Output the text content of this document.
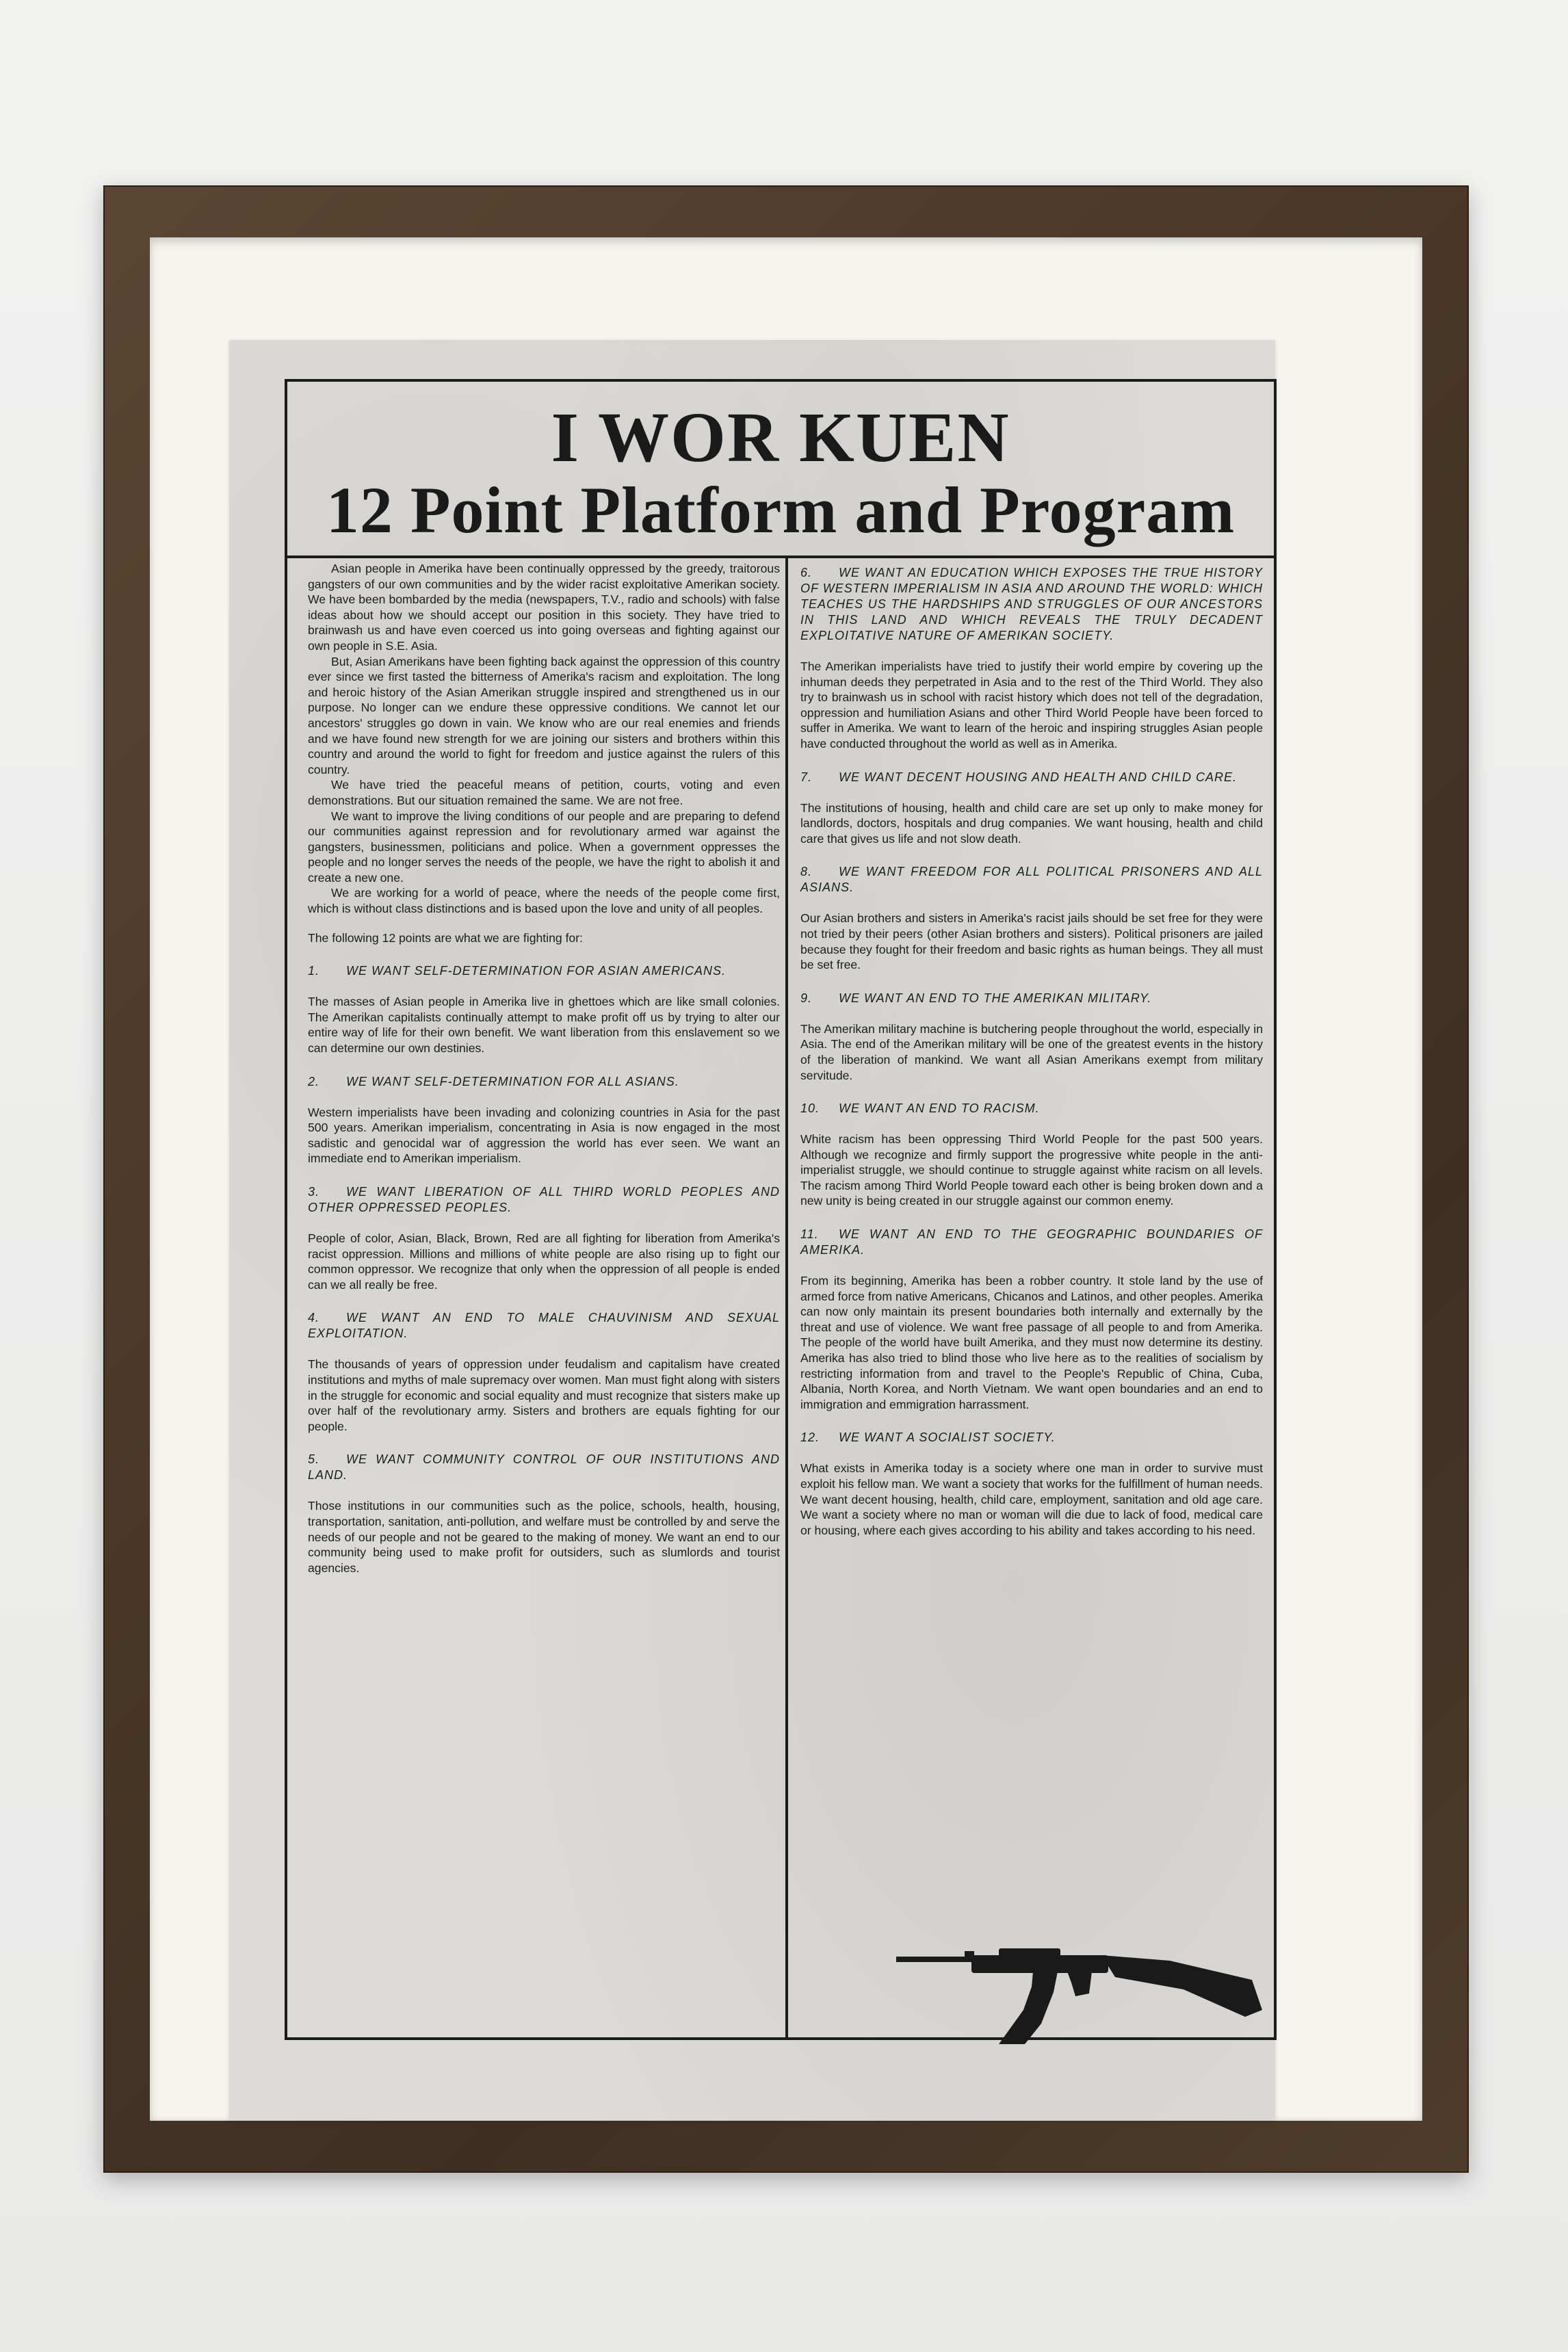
I WOR KUEN
12 Point Platform and Program

Asian people in Amerika have been continually oppressed by the greedy, traitorous gangsters of our own communities and by the wider racist exploitative Amerikan society. We have been bombarded by the media (newspapers, T.V., radio and schools) with false ideas about how we should accept our position in this society. They have tried to brainwash us and have even coerced us into going overseas and fighting against our own people in S.E. Asia.

But, Asian Amerikans have been fighting back against the oppression of this country ever since we first tasted the bitterness of Amerika's racism and exploitation. The long and heroic history of the Asian Amerikan struggle inspired and strengthened us in our purpose. No longer can we endure these oppressive conditions. We cannot let our ancestors' struggles go down in vain. We know who are our real enemies and friends and we have found new strength for we are joining our sisters and brothers within this country and around the world to fight for freedom and justice against the rulers of this country.

We have tried the peaceful means of petition, courts, voting and even demonstrations. But our situation remained the same. We are not free.

We want to improve the living conditions of our people and are preparing to defend our communities against repression and for revolutionary armed war against the gangsters, businessmen, politicians and police. When a government oppresses the people and no longer serves the needs of the people, we have the right to abolish it and create a new one.

We are working for a world of peace, where the needs of the people come first, which is without class distinctions and is based upon the love and unity of all peoples.

The following 12 points are what we are fighting for:

1. WE WANT SELF-DETERMINATION FOR ASIAN AMERICANS.

The masses of Asian people in Amerika live in ghettoes which are like small colonies. The Amerikan capitalists continually attempt to make profit off us by trying to alter our entire way of life for their own benefit. We want liberation from this enslavement so we can determine our own destinies.

2. WE WANT SELF-DETERMINATION FOR ALL ASIANS.

Western imperialists have been invading and colonizing countries in Asia for the past 500 years. Amerikan imperialism, concentrating in Asia is now engaged in the most sadistic and genocidal war of aggression the world has ever seen. We want an immediate end to Amerikan imperialism.

3. WE WANT LIBERATION OF ALL THIRD WORLD PEOPLES AND OTHER OPPRESSED PEOPLES.

People of color, Asian, Black, Brown, Red are all fighting for liberation from Amerika's racist oppression. Millions and millions of white people are also rising up to fight our common oppressor. We recognize that only when the oppression of all people is ended can we all really be free.

4. WE WANT AN END TO MALE CHAUVINISM AND SEXUAL EXPLOITATION.

The thousands of years of oppression under feudalism and capitalism have created institutions and myths of male supremacy over women. Man must fight along with sisters in the struggle for economic and social equality and must recognize that sisters make up over half of the revolutionary army. Sisters and brothers are equals fighting for our people.

5. WE WANT COMMUNITY CONTROL OF OUR INSTITUTIONS AND LAND.

Those institutions in our communities such as the police, schools, health, housing, transportation, sanitation, anti-pollution, and welfare must be controlled by and serve the needs of our people and not be geared to the making of money. We want an end to our community being used to make profit for outsiders, such as slumlords and tourist agencies.

6. WE WANT AN EDUCATION WHICH EXPOSES THE TRUE HISTORY OF WESTERN IMPERIALISM IN ASIA AND AROUND THE WORLD: WHICH TEACHES US THE HARDSHIPS AND STRUGGLES OF OUR ANCESTORS IN THIS LAND AND WHICH REVEALS THE TRULY DECADENT EXPLOITATIVE NATURE OF AMERIKAN SOCIETY.

The Amerikan imperialists have tried to justify their world empire by covering up the inhuman deeds they perpetrated in Asia and to the rest of the Third World. They also try to brainwash us in school with racist history which does not tell of the degradation, oppression and humiliation Asians and other Third World People have been forced to suffer in Amerika. We want to learn of the heroic and inspiring struggles Asian people have conducted throughout the world as well as in Amerika.

7. WE WANT DECENT HOUSING AND HEALTH AND CHILD CARE.

The institutions of housing, health and child care are set up only to make money for landlords, doctors, hospitals and drug companies. We want housing, health and child care that gives us life and not slow death.

8. WE WANT FREEDOM FOR ALL POLITICAL PRISONERS AND ALL ASIANS.

Our Asian brothers and sisters in Amerika's racist jails should be set free for they were not tried by their peers (other Asian brothers and sisters). Political prisoners are jailed because they fought for their freedom and basic rights as human beings. They all must be set free.

9. WE WANT AN END TO THE AMERIKAN MILITARY.

The Amerikan military machine is butchering people throughout the world, especially in Asia. The end of the Amerikan military will be one of the greatest events in the history of the liberation of mankind. We want all Asian Amerikans exempt from military servitude.

10. WE WANT AN END TO RACISM.

White racism has been oppressing Third World People for the past 500 years. Although we recognize and firmly support the progressive white people in the anti-imperialist struggle, we should continue to struggle against white racism on all levels. The racism among Third World People toward each other is being broken down and a new unity is being created in our struggle against our common enemy.

11. WE WANT AN END TO THE GEOGRAPHIC BOUNDARIES OF AMERIKA.

From its beginning, Amerika has been a robber country. It stole land by the use of armed force from native Americans, Chicanos and Latinos, and other peoples. Amerika can now only maintain its present boundaries both internally and externally by the threat and use of violence. We want free passage of all people to and from Amerika. The people of the world have built Amerika, and they must now determine its destiny. Amerika has also tried to blind those who live here as to the realities of socialism by restricting information from and travel to the People's Republic of China, Cuba, Albania, North Korea, and North Vietnam. We want open boundaries and an end to immigration and emmigration harrassment.

12. WE WANT A SOCIALIST SOCIETY.

What exists in Amerika today is a society where one man in order to survive must exploit his fellow man. We want a society that works for the fulfillment of human needs. We want decent housing, health, child care, employment, sanitation and old age care. We want a society where no man or woman will die due to lack of food, medical care or housing, where each gives according to his ability and takes according to his need.
